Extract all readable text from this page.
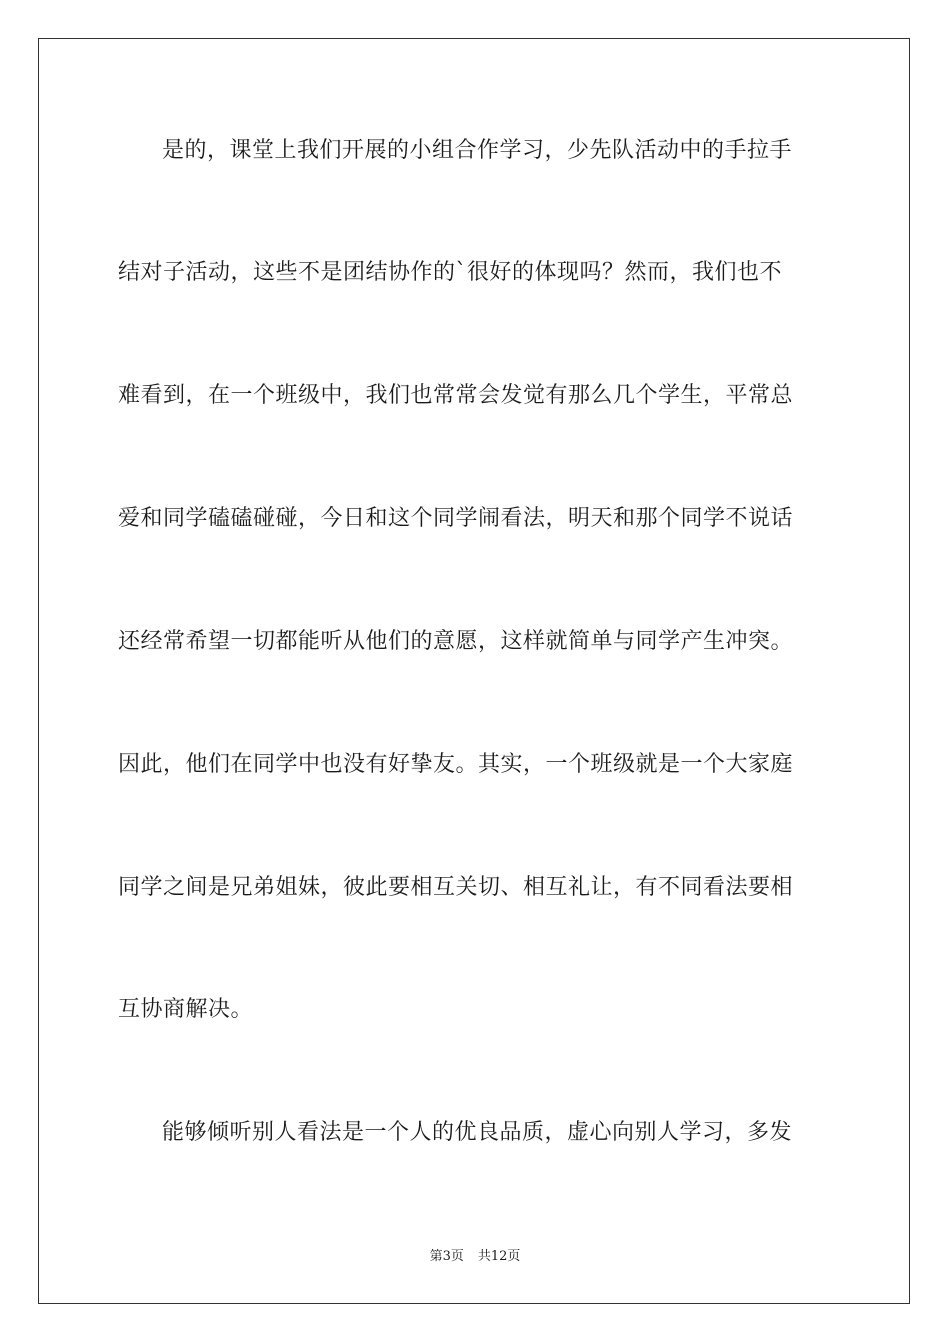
是的，课堂上我们开展的小组合作学习，少先队活动中的手拉手
结对子活动，这些不是团结协作的`很好的体现吗？然而，我们也不
难看到，在一个班级中，我们也常常会发觉有那么几个学生，平常总
爱和同学磕磕碰碰，今日和这个同学闹看法，明天和那个同学不说话
还经常希望一切都能听从他们的意愿，这样就简单与同学产生冲突。
因此，他们在同学中也没有好挚友。其实，一个班级就是一个大家庭
同学之间是兄弟姐妹，彼此要相互关切、相互礼让，有不同看法要相
互协商解决。
能够倾听别人看法是一个人的优良品质，虚心向别人学习，多发
第3页 共12页
